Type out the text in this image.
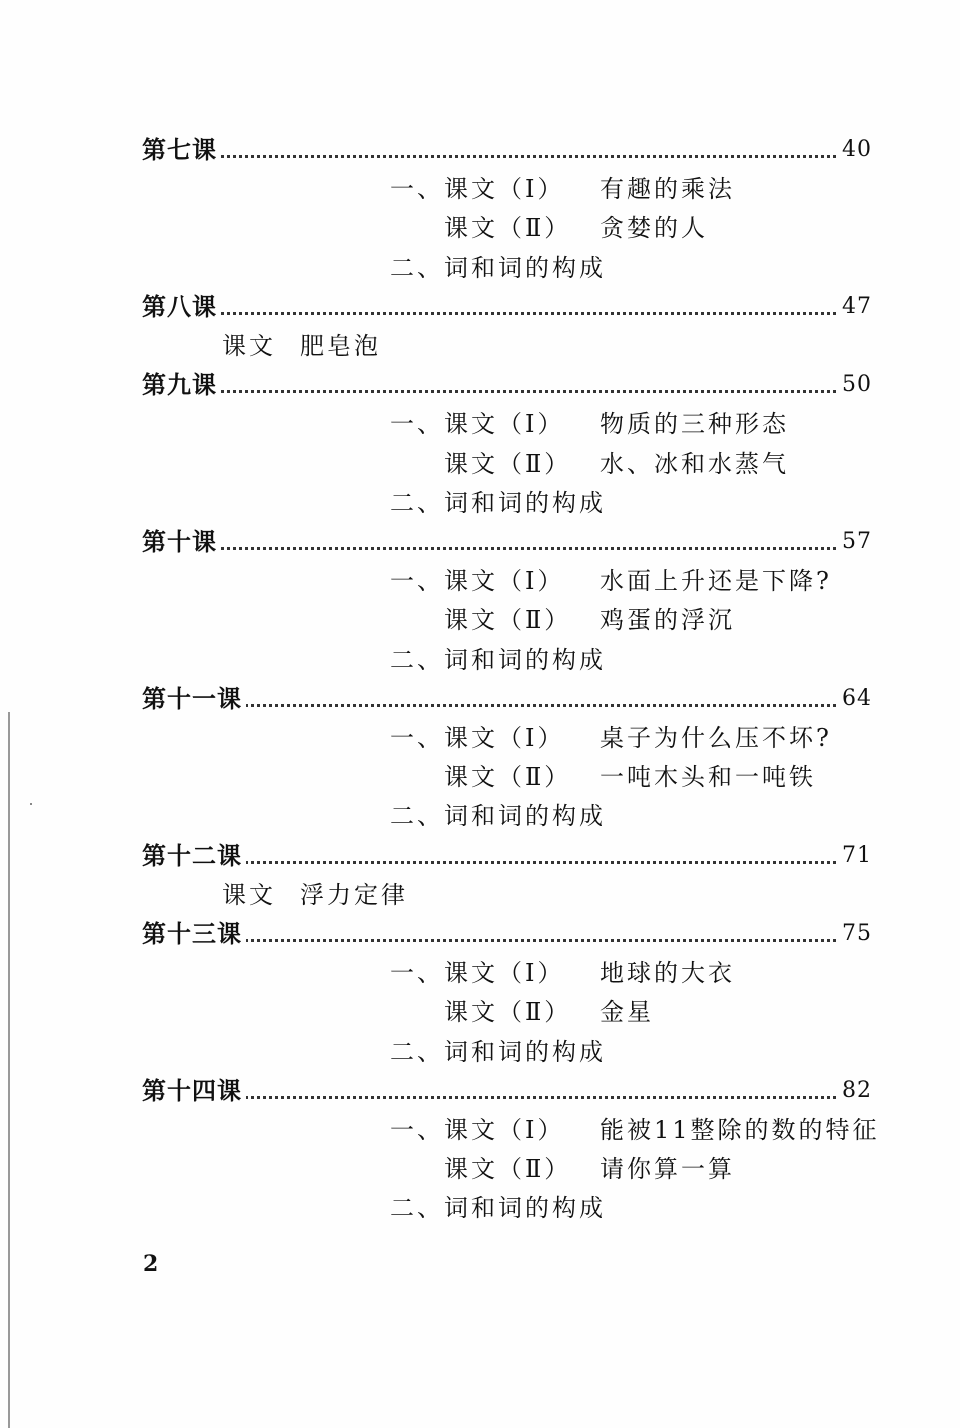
第七课	40
一、 课文（Ⅰ） 有趣的乘法
课文（Ⅱ） 贪婪的人
二、 词和词的构成
第八课	47
课文 肥皂泡
第九课	50
一、 课文（Ⅰ） 物质的三种形态
课文（Ⅱ） 水、冰和水蒸气
二、 词和词的构成
第十课	57
一、 课文（Ⅰ） 水面上升还是下降?
课文（Ⅱ） 鸡蛋的浮沉
二、 词和词的构成
第十一课	64
一、 课文（Ⅰ） 桌子为什么压不坏?
课文（Ⅱ） 一吨木头和一吨铁
二、 词和词的构成
第十二课	71
课文 浮力定律
第十三课	75
一、 课文（Ⅰ） 地球的大衣
课文（Ⅱ） 金星
二、 词和词的构成
第十四课	82
一、 课文（Ⅰ） 能被11整除的数的特征
课文（Ⅱ） 请你算一算
二、 词和词的构成
2
